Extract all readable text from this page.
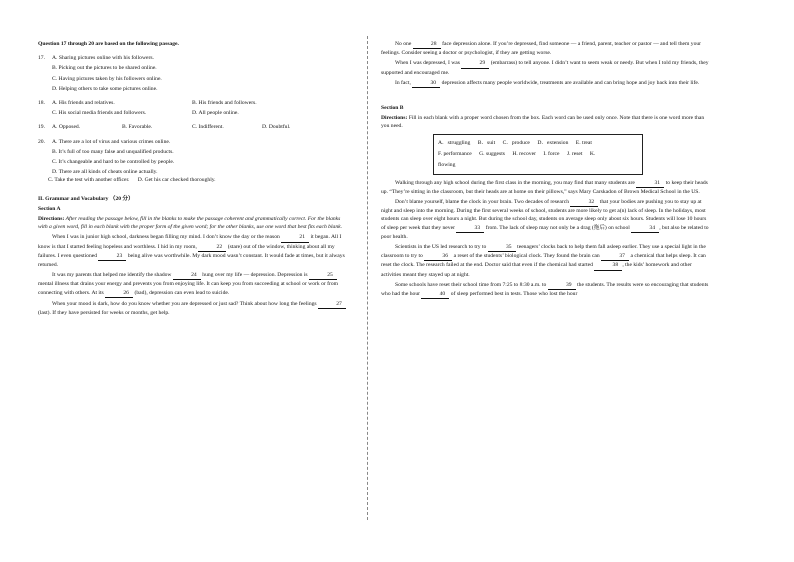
Question 17 through 20 are based on the following passage.

17.	A. Sharing pictures online with his followers.

B. Picking out the pictures to be shared online.

C. Having pictures taken by his followers online.

D. Helping others to take some pictures online.

18.	A. His friends and relatives.	B. His friends and followers.
C. His social media friends and followers.	D. All people online.
19.	A. Opposed.	B. Favorable.	C. Indifferent.	D. Doubtful.
20.	A. There are a lot of virus and various crimes online.

B. It’s full of too many false and unqualified products.

C. It’s changeable and hard to be controlled by people.

D. There are all kinds of cheats online actually.

C. Take the test with another officer.      D. Get his car checked thoroughly.

II. Grammar and Vocabulary （20 分）

Section A

Directions: After reading the passage below, fill in the blanks to make the passage coherent and grammatically correct. For the blanks with a given word, fill in each blank with the proper form of the given word; for the other blanks, use one word that best fits each blank.

When I was in junior high school, darkness began filling my mind. I don’t know the day or the reason	21 it began. All I know is that I started feeling hopeless and worthless. I hid in my room,	22 (stare) out of the window, thinking about all my failures. I even questioned	23 being alive was worthwhile. My dark mood wasn’t constant. It would fade at times, but it always returned.

It was my parents that helped me identify the shadow	24 hung over my life — depression. Depression is	25 mental illness that drains your energy and prevents you from enjoying life. It can keep you from succeeding at school or work or from connecting with others. At its	26 (bad), depression can even lead to suicide.

When your mood is dark, how do you know whether you are depressed or just sad? Think about how long the feelings	27 (last). If they have persisted for weeks or months, get help.

No one	28 face depression alone. If you’re depressed, find someone — a friend, parent, teacher or pastor — and tell them your feelings. Consider seeing a doctor or psychologist, if they are getting worse.

When I was depressed, I was	29 (embarrass) to tell anyone. I didn’t want to seem weak or needy. But when I told my friends, they supported and encouraged me.

In fact,	30 depression affects many people worldwide, treatments are available and can bring hope and joy back into their life.

Section B

Directions: Fill in each blank with a proper word chosen from the box. Each word can be used only once. Note that there is one word more than you need.

A．struggling B．suit C．produce D．extension E. treat
F. performance G. suggests H. recover I. force J. reset K.
flowing

Walking through any high school during the first class in the morning, you may find that many students are	31 to keep their heads up. “They’re sitting in the classroom, but their heads are at home on their pillows,” says Mary Carskadon of Brown Medical School in the US.

Don’t blame yourself, blame the clock in your brain. Two decades of research	32 that your bodies are pushing you to stay up at night and sleep into the morning. During the first several weeks of school, students are more likely to get a(n) lack of sleep. In the holidays, most students can sleep over eight hours a night. But during the school day, students on average sleep only about six hours. Students will lose 10 hours of sleep per week that they never	33 from. The lack of sleep may not only be a drag (拖后) on school	34 , but also be related to poor health.

Scientists in the US led research to try to	35 teenagers’ clocks back to help them fall asleep earlier. They use a special light in the classroom to try to	36 a reset of the students’ biological clock. They found the brain can	37 a chemical that helps sleep. It can reset the clock. The research failed at the end. Doctor said that even if the chemical had started	38 , the kids’ homework and other activities meant they stayed up at night.

Some schools have reset their school time from 7:25 to 8:30 a.m. to	39 the students. The results were so encouraging that students who had the hour	40 of sleep performed best in tests. Those who lost the hour
